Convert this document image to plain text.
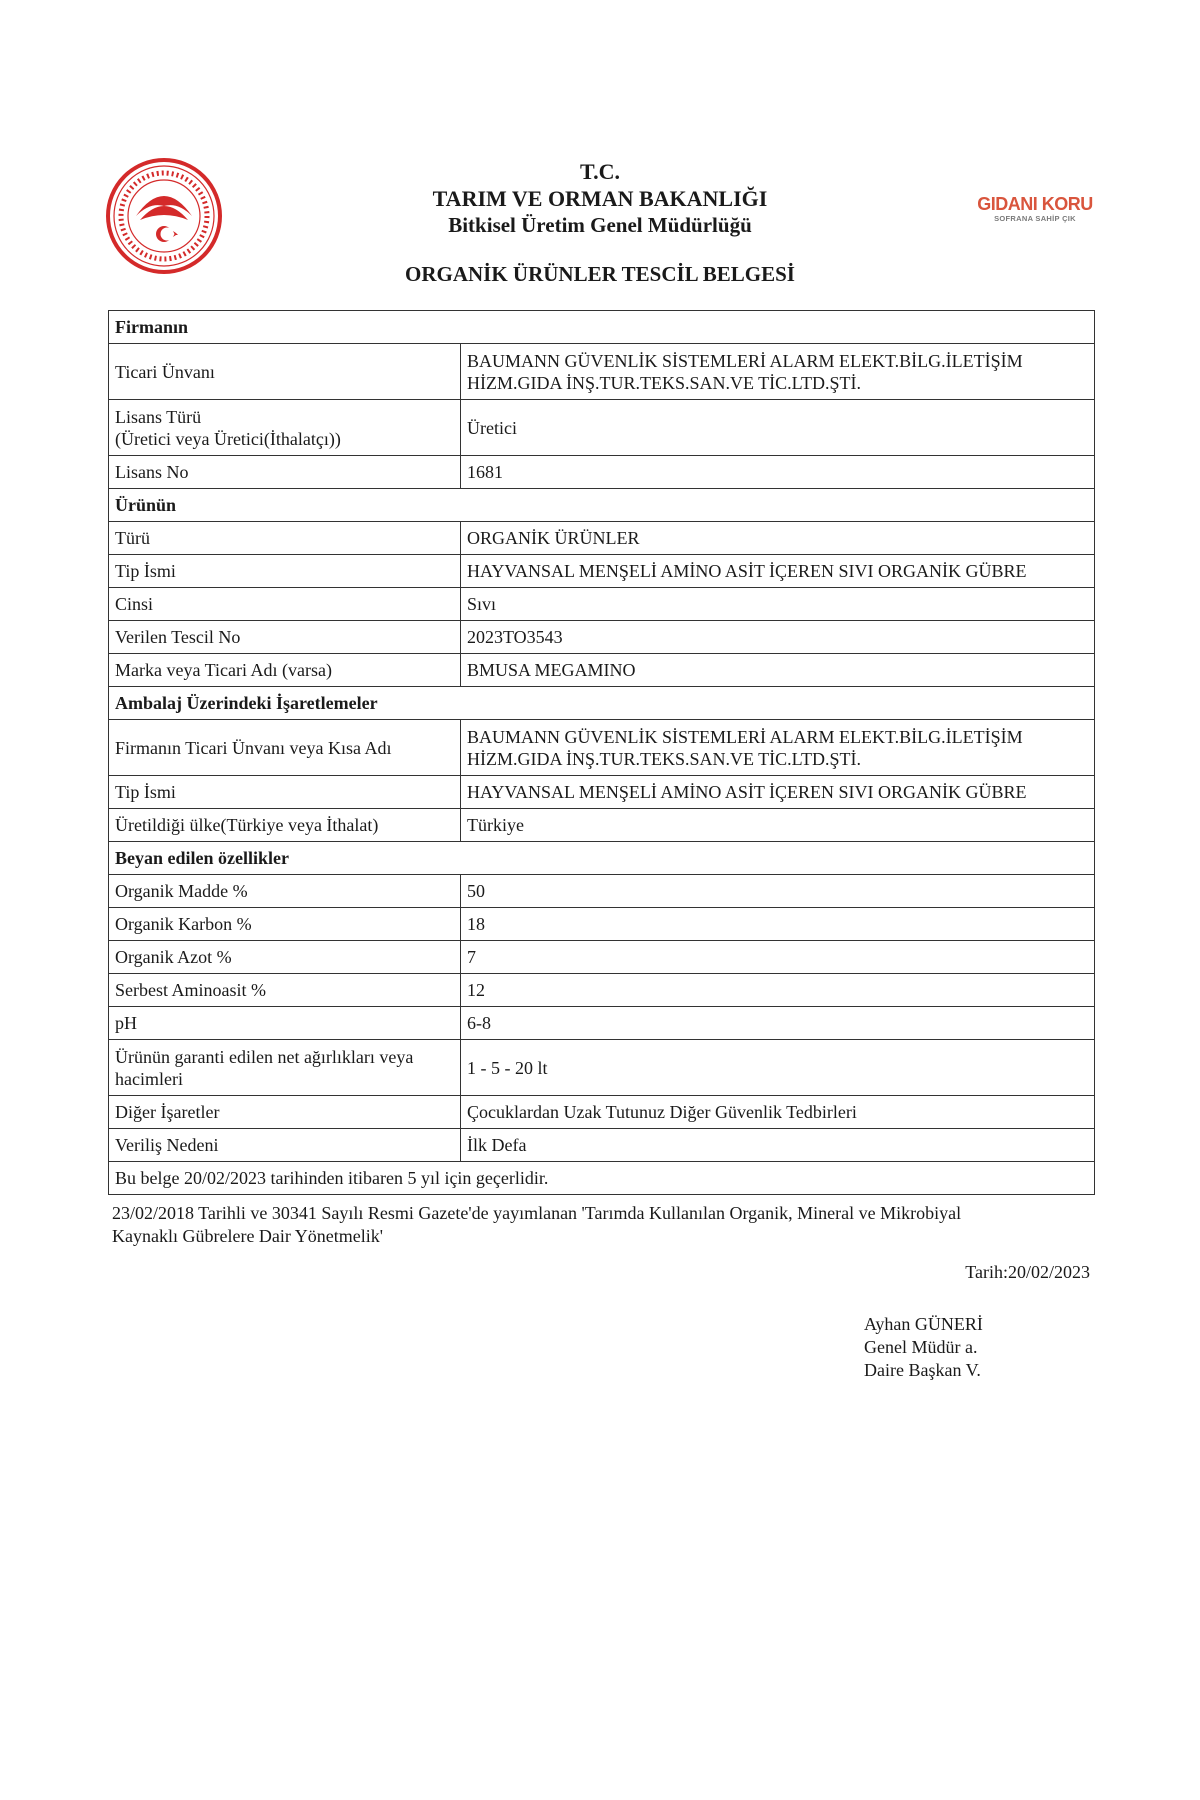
GIDANI KORU
SOFRANA SAHİP ÇIK
T.C.
TARIM VE ORMAN BAKANLIĞI
Bitkisel Üretim Genel Müdürlüğü
ORGANİK ÜRÜNLER TESCİL BELGESİ
Firmanın	
Ticari Ünvanı	BAUMANN GÜVENLİK SİSTEMLERİ ALARM ELEKT.BİLG.İLETİŞİM
HİZM.GIDA İNŞ.TUR.TEKS.SAN.VE TİC.LTD.ŞTİ.

Lisans Türü
(Üretici veya Üretici(İthalatçı))	Üretici
Lisans No	1681
Ürünün	
Türü	ORGANİK ÜRÜNLER
Tip İsmi	HAYVANSAL MENŞELİ AMİNO ASİT İÇEREN SIVI ORGANİK GÜBRE
Cinsi	Sıvı
Verilen Tescil No	2023TO3543
Marka veya Ticari Adı (varsa)	BMUSA MEGAMINO
Ambalaj Üzerindeki İşaretlemeler	
Firmanın Ticari Ünvanı veya Kısa Adı	BAUMANN GÜVENLİK SİSTEMLERİ ALARM ELEKT.BİLG.İLETİŞİM
HİZM.GIDA İNŞ.TUR.TEKS.SAN.VE TİC.LTD.ŞTİ.

Tip İsmi	HAYVANSAL MENŞELİ AMİNO ASİT İÇEREN SIVI ORGANİK GÜBRE
Üretildiği ülke(Türkiye veya İthalat)	Türkiye
Beyan edilen özellikler	
Organik Madde %	50
Organik Karbon %	18
Organik Azot %	7
Serbest Aminoasit %	12
pH	6-8

Ürünün garanti edilen net ağırlıkları veya
hacimleri	1 - 5 - 20 lt
Diğer İşaretler	Çocuklardan Uzak Tutunuz Diğer Güvenlik Tedbirleri
Veriliş Nedeni	İlk Defa
Bu belge 20/02/2023 tarihinden itibaren 5 yıl için geçerlidir.	
23/02/2018 Tarihli ve 30341 Sayılı Resmi Gazete'de yayımlanan 'Tarımda Kullanılan Organik, Mineral ve Mikrobiyal
Kaynaklı Gübrelere Dair Yönetmelik'
Tarih:20/02/2023
Ayhan GÜNERİ
Genel Müdür a.
Daire Başkan V.
